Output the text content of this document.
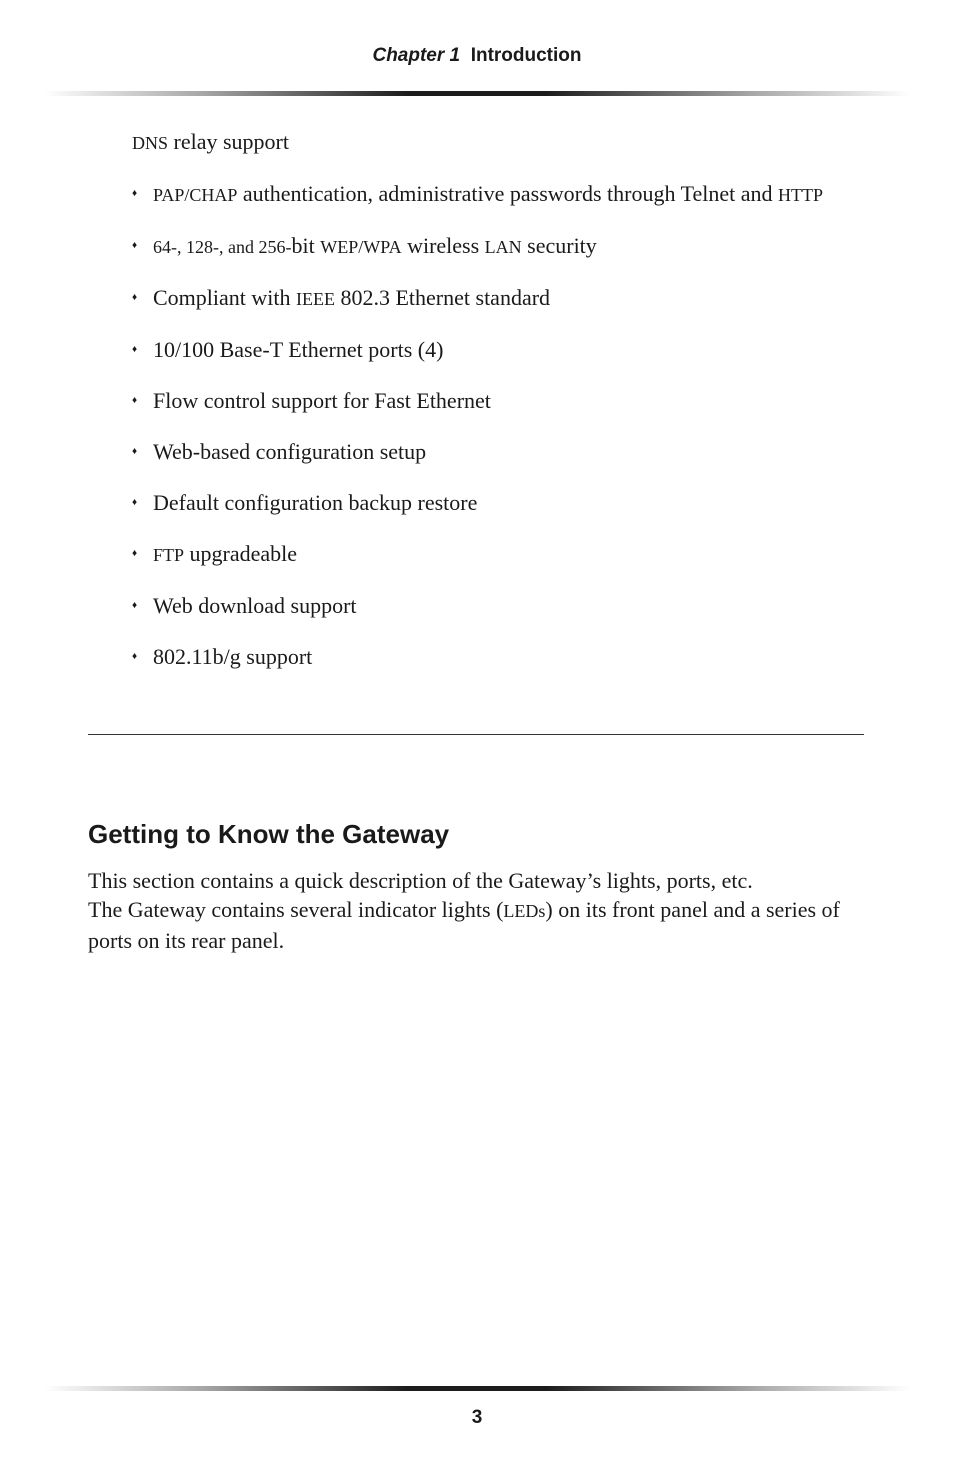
Chapter 1 Introduction
DNS relay support
♦ PAP/CHAP authentication, administrative passwords through Telnet and HTTP
♦ 64-, 128-, and 256-bit WEP/WPA wireless LAN security
♦ Compliant with IEEE 802.3 Ethernet standard
♦ 10/100 Base-T Ethernet ports (4)
♦ Flow control support for Fast Ethernet
♦ Web-based configuration setup
♦ Default configuration backup restore
♦ FTP upgradeable
♦ Web download support
♦ 802.11b/g support
Getting to Know the Gateway
This section contains a quick description of the Gateway’s lights, ports, etc.
The Gateway contains several indicator lights (LEDs) on its front panel and a series of ports on its rear panel.
3
